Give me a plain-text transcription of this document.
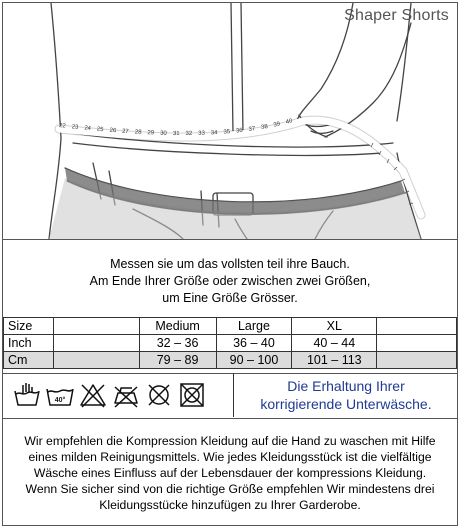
22 23 24 25 26 27 28 29 30 31 32 33 34 35 36 37 38 39 40
Shaper Shorts
Messen sie um das vollsten teil ihre Bauch.
Am Ende Ihrer Größe oder zwischen zwei Größen,
um Eine Größe Grösser.
Size		Medium	Large	XL	
Inch		32 – 36	36 – 40	40 – 44	
Cm		79 – 89	90 – 100	101 – 113	
40°
Die Erhaltung Ihrer
korrigierende Unterwäsche.
Wir empfehlen die Kompression Kleidung auf die Hand zu waschen mit Hilfe
eines milden Reinigungsmittels. Wie jedes Kleidungsstück ist die vielfältige
Wäsche eines Einfluss auf der Lebensdauer der kompressions Kleidung.
Wenn Sie sicher sind von die richtige Größe empfehlen Wir mindestens drei
Kleidungsstücke hinzufügen zu Ihrer Garderobe.
